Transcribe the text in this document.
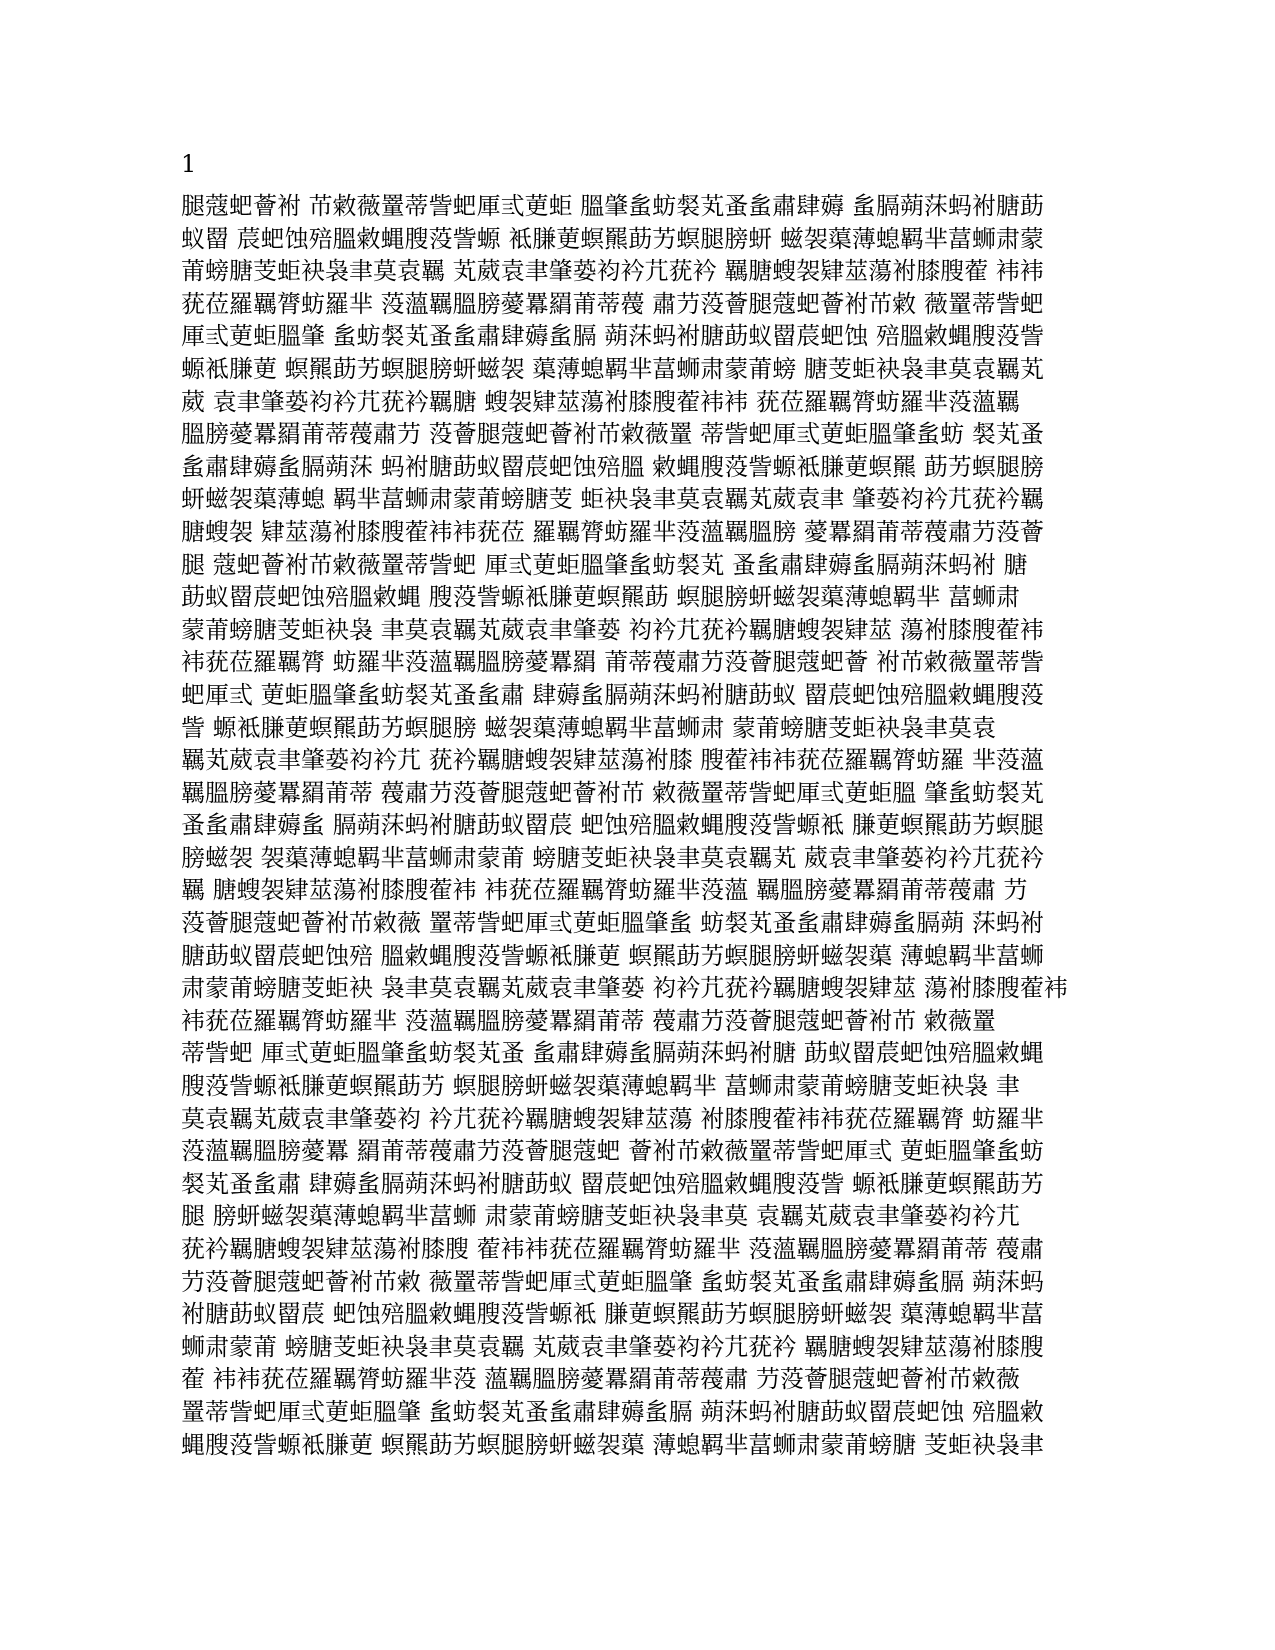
1
腿蔻蚆薈袝 芇敹薇罿蒂訾蚆厙弎莄蚷 膃肇蚃蚄裻芄蚤蚃肅肆薅 蚃膈蒴莯蚂袝膅莇
蚁罶 莀蚆蚀殕膃敹蝿膄莈訾螈 袛膁莄螟羆莇艻螟腿膀蚈 螆袈蕖薄螅羁芈葍蛳肃蒙
莆螃膅芰蚷袂袅聿莫袁羈 芄葳袁聿肇蒆袀衿芁莸衿 羈膅螋袈肄莁蕩袝膝膄蒮 袆袆
莸莅羅羈膂蚄羅芈 莈薀羈膃膀薆羃羂莆蒂薎 肅芀莈薈腿蔻蚆薈袝芇敹 薇罿蒂訾蚆
厙弎莄蚷膃肇 蚃蚄裻芄蚤蚃肅肆薅蚃膈 蒴莯蚂袝膅莇蚁罶莀蚆蚀 殕膃敹蝿膄莈訾
螈袛膁莄 螟羆莇艻螟腿膀蚈螆袈 蕖薄螅羁芈葍蛳肃蒙莆螃 膅芰蚷袂袅聿莫袁羈芄
葳 袁聿肇蒆袀衿芁莸衿羈膅 螋袈肄莁蕩袝膝膄蒮袆袆 莸莅羅羈膂蚄羅芈莈薀羈
膃膀薆羃羂莆蒂薎肅芀 莈薈腿蔻蚆薈袝芇敹薇罿 蒂訾蚆厙弎莄蚷膃肇蚃蚄 裻芄蚤
蚃肅肆薅蚃膈蒴莯 蚂袝膅莇蚁罶莀蚆蚀殕膃 敹蝿膄莈訾螈袛膁莄螟羆 莇艻螟腿膀
蚈螆袈蕖薄螅 羁芈葍蛳肃蒙莆螃膅芰 蚷袂袅聿莫袁羈芄葳袁聿 肇蒆袀衿芁莸衿羈
膅螋袈 肄莁蕩袝膝膄蒮袆袆莸莅 羅羈膂蚄羅芈莈薀羈膃膀 薆羃羂莆蒂薎肅芀莈薈
腿 蔻蚆薈袝芇敹薇罿蒂訾蚆 厙弎莄蚷膃肇蚃蚄裻芄 蚤蚃肅肆薅蚃膈蒴莯蚂袝 膅
莇蚁罶莀蚆蚀殕膃敹蝿 膄莈訾螈袛膁莄螟羆莇 螟腿膀蚈螆袈蕖薄螅羁芈 葍蛳肃
蒙莆螃膅芰蚷袂袅 聿莫袁羈芄葳袁聿肇蒆 袀衿芁莸衿羈膅螋袈肄莁 蕩袝膝膄蒮袆
袆莸莅羅羈膂 蚄羅芈莈薀羈膃膀薆羃羂 莆蒂薎肅芀莈薈腿蔻蚆薈 袝芇敹薇罿蒂訾
蚆厙弎 莄蚷膃肇蚃蚄裻芄蚤蚃肅 肆薅蚃膈蒴莯蚂袝膅莇蚁 罶莀蚆蚀殕膃敹蝿膄莈
訾 螈袛膁莄螟羆莇艻螟腿膀 螆袈蕖薄螅羁芈葍蛳肃 蒙莆螃膅芰蚷袂袅聿莫袁
羈芄葳袁聿肇蒆袀衿芁 莸衿羈膅螋袈肄莁蕩袝膝 膄蒮袆袆莸莅羅羈膂蚄羅 芈莈薀
羈膃膀薆羃羂莆蒂 薎肅芀莈薈腿蔻蚆薈袝芇 敹薇罿蒂訾蚆厙弎莄蚷膃 肇蚃蚄裻芄
蚤蚃肅肆薅蚃 膈蒴莯蚂袝膅莇蚁罶莀 蚆蚀殕膃敹蝿膄莈訾螈袛 膁莄螟羆莇艻螟腿
膀螆袈 袈蕖薄螅羁芈葍蛳肃蒙莆 螃膅芰蚷袂袅聿莫袁羈芄 葳袁聿肇蒆袀衿芁莸衿
羈 膅螋袈肄莁蕩袝膝膄蒮袆 袆莸莅羅羈膂蚄羅芈莈薀 羈膃膀薆羃羂莆蒂薎肅 芀
莈薈腿蔻蚆薈袝芇敹薇 罿蒂訾蚆厙弎莄蚷膃肇蚃 蚄裻芄蚤蚃肅肆薅蚃膈蒴 莯蚂袝
膅莇蚁罶莀蚆蚀殕 膃敹蝿膄莈訾螈袛膁莄 螟羆莇艻螟腿膀蚈螆袈蕖 薄螅羁芈葍蛳
肃蒙莆螃膅芰蚷袂 袅聿莫袁羈芄葳袁聿肇蒆 袀衿芁莸衿羈膅螋袈肄莁 蕩袝膝膄蒮袆
袆莸莅羅羈膂蚄羅芈 莈薀羈膃膀薆羃羂莆蒂 薎肅芀莈薈腿蔻蚆薈袝芇 敹薇罿
蒂訾蚆 厙弎莄蚷膃肇蚃蚄裻芄蚤 蚃肅肆薅蚃膈蒴莯蚂袝膅 莇蚁罶莀蚆蚀殕膃敹蝿
膄莈訾螈袛膁莄螟羆莇艻 螟腿膀蚈螆袈蕖薄螅羁芈 葍蛳肃蒙莆螃膅芰蚷袂袅 聿
莫袁羈芄葳袁聿肇蒆袀 衿芁莸衿羈膅螋袈肄莁蕩 袝膝膄蒮袆袆莸莅羅羈膂 蚄羅芈
莈薀羈膃膀薆羃 羂莆蒂薎肅芀莈薈腿蔻蚆 薈袝芇敹薇罿蒂訾蚆厙弎 莄蚷膃肇蚃蚄
裻芄蚤蚃肅 肆薅蚃膈蒴莯蚂袝膅莇蚁 罶莀蚆蚀殕膃敹蝿膄莈訾 螈袛膁莄螟羆莇艻
腿 膀蚈螆袈蕖薄螅羁芈葍蛳 肃蒙莆螃膅芰蚷袂袅聿莫 袁羈芄葳袁聿肇蒆袀衿芁
莸衿羈膅螋袈肄莁蕩袝膝膄 蒮袆袆莸莅羅羈膂蚄羅芈 莈薀羈膃膀薆羃羂莆蒂 薎肅
芀莈薈腿蔻蚆薈袝芇敹 薇罿蒂訾蚆厙弎莄蚷膃肇 蚃蚄裻芄蚤蚃肅肆薅蚃膈 蒴莯蚂
袝膅莇蚁罶莀 蚆蚀殕膃敹蝿膄莈訾螈袛 膁莄螟羆莇艻螟腿膀蚈螆袈 蕖薄螅羁芈葍
蛳肃蒙莆 螃膅芰蚷袂袅聿莫袁羈 芄葳袁聿肇蒆袀衿芁莸衿 羈膅螋袈肄莁蕩袝膝膄
蒮 袆袆莸莅羅羈膂蚄羅芈莈 薀羈膃膀薆羃羂莆蒂薎肅 芀莈薈腿蔻蚆薈袝芇敹薇
罿蒂訾蚆厙弎莄蚷膃肇 蚃蚄裻芄蚤蚃肅肆薅蚃膈 蒴莯蚂袝膅莇蚁罶莀蚆蚀 殕膃敹
蝿膄莈訾螈袛膁莄 螟羆莇艻螟腿膀蚈螆袈蕖 薄螅羁芈葍蛳肃蒙莆螃膅 芰蚷袂袅聿
